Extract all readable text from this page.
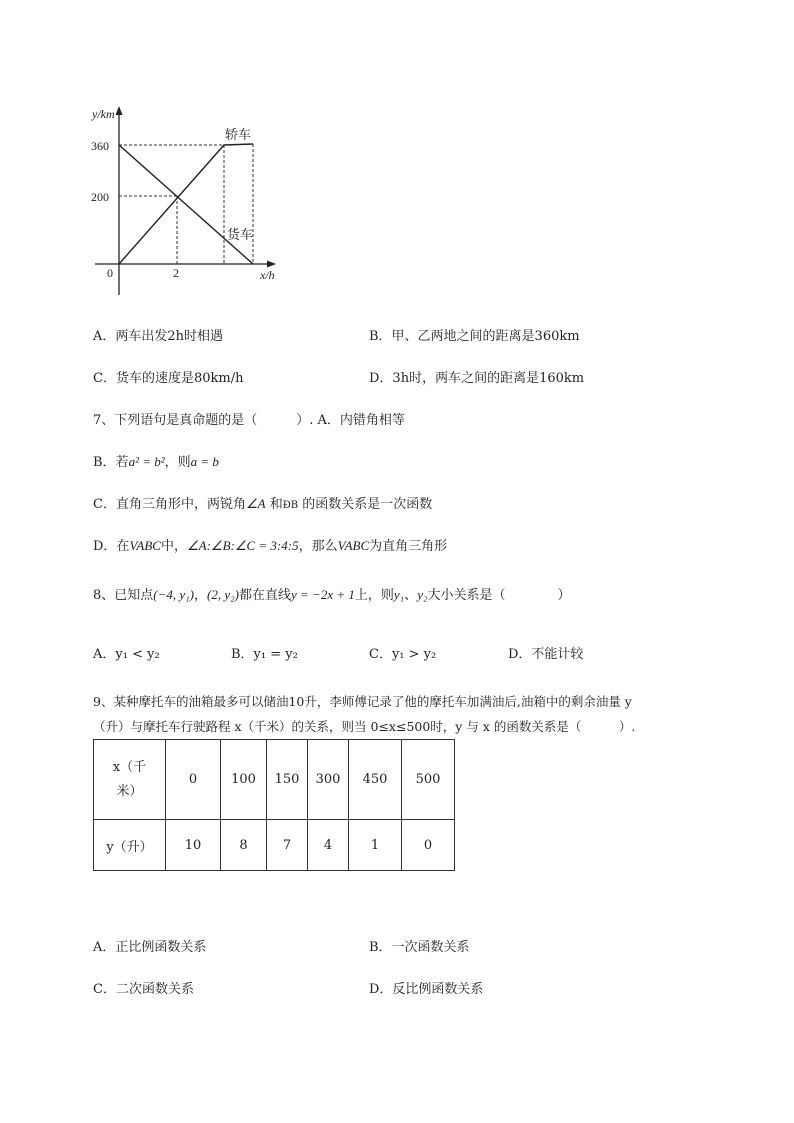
y/km
x/h
0
360
200
2
轿车
货车
A．两车出发2h时相遇	B．甲、乙两地之间的距离是360km
C．货车的速度是80km/h	D．3h时，两车之间的距离是160km
7、下列语句是真命题的是（　　　）. A．内错角相等
B．若a² = b²，则a = b
C．直角三角形中，两锐角∠A 和ÐB 的函数关系是一次函数
D．在VABC中，∠A:∠B:∠C = 3:4:5，那么VABC为直角三角形
8、已知点(−4, y₁)，(2, y₂)都在直线y = −2x + 1上，则y₁、y₂大小关系是（　　　　）
A．y₁ < y₂	B．y₁ = y₂	C．y₁ > y₂	D．不能计较
9、某种摩托车的油箱最多可以储油10升，李师傅记录了他的摩托车加满油后,油箱中的剩余油量 y
（升）与摩托车行驶路程 x（千米）的关系，则当 0≤x≤500时，y 与 x 的函数关系是（　　　）.
x（千
米）	0	100	150	300	450	500
y（升）	10	8	7	4	1	0
A．正比例函数关系	B．一次函数关系
C．二次函数关系	D．反比例函数关系
